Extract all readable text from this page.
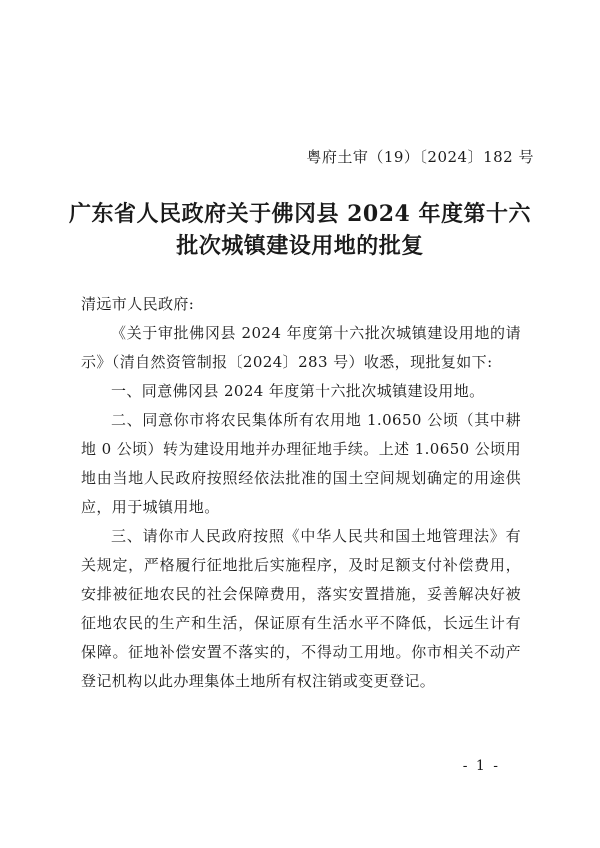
粤府土审（19）〔2024〕182 号
广东省人民政府关于佛冈县 2024 年度第十六
批次城镇建设用地的批复

清远市人民政府:

《关于审批佛冈县 2024 年度第十六批次城镇建设用地的请示》（清自然资管制报〔2024〕283 号）收悉，现批复如下:

一、同意佛冈县 2024 年度第十六批次城镇建设用地。

二、同意你市将农民集体所有农用地 1.0650 公顷（其中耕地 0 公顷）转为建设用地并办理征地手续。上述 1.0650 公顷用地由当地人民政府按照经依法批准的国土空间规划确定的用途供应，用于城镇用地。

三、请你市人民政府按照《中华人民共和国土地管理法》有关规定，严格履行征地批后实施程序，及时足额支付补偿费用，安排被征地农民的社会保障费用，落实安置措施，妥善解决好被征地农民的生产和生活，保证原有生活水平不降低，长远生计有保障。征地补偿安置不落实的，不得动工用地。你市相关不动产登记机构以此办理集体土地所有权注销或变更登记。

- 1 -
